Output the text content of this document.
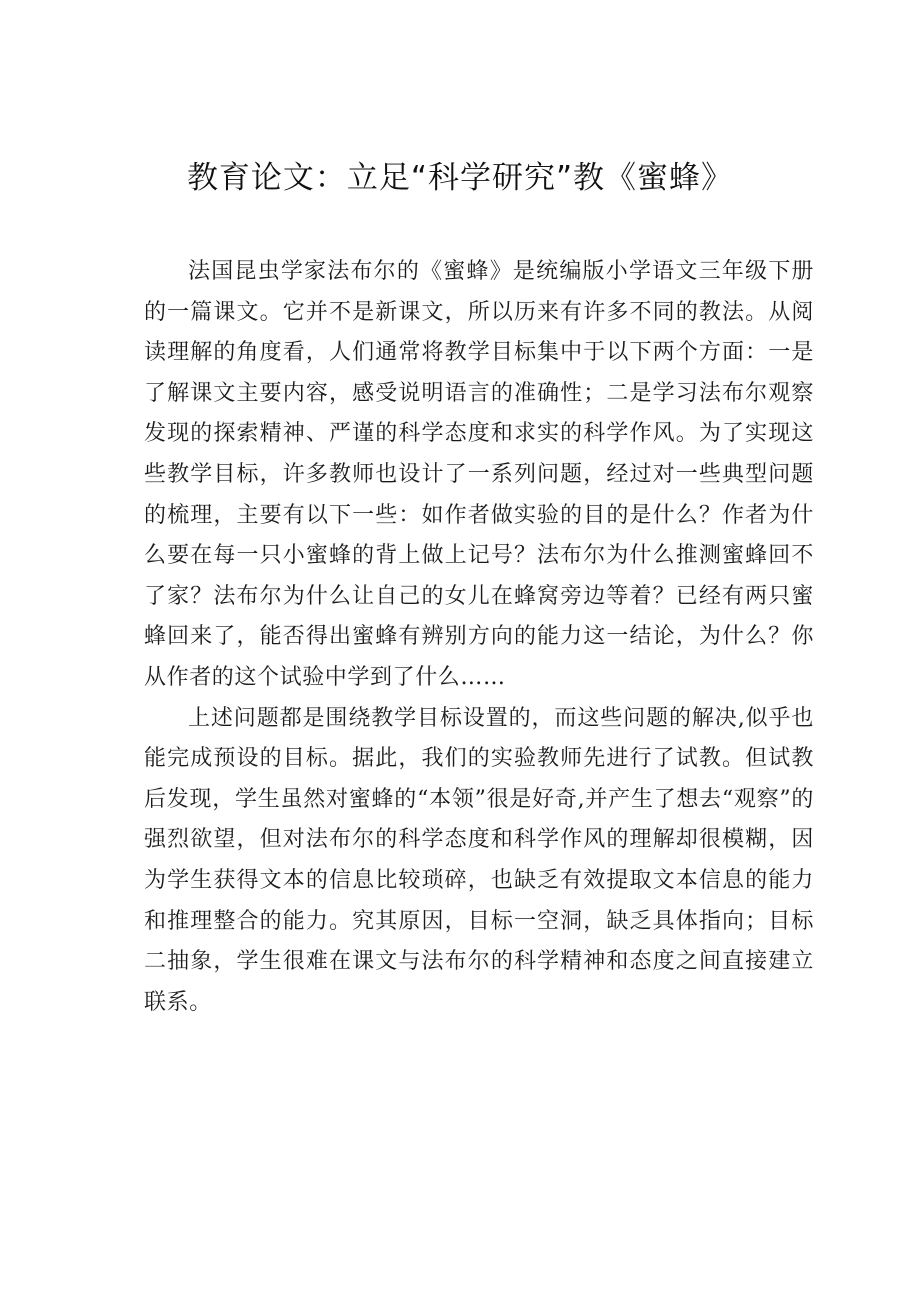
教育论文：立足“科学研究”教《蜜蜂》

法国昆虫学家法布尔的《蜜蜂》是统编版小学语文三年级下册的一篇课文。它并不是新课文，所以历来有许多不同的教法。从阅读理解的角度看，人们通常将教学目标集中于以下两个方面：一是了解课文主要内容，感受说明语言的准确性；二是学习法布尔观察发现的探索精神、严谨的科学态度和求实的科学作风。为了实现这些教学目标，许多教师也设计了一系列问题，经过对一些典型问题的梳理，主要有以下一些：如作者做实验的目的是什么？作者为什么要在每一只小蜜蜂的背上做上记号？法布尔为什么推测蜜蜂回不了家？法布尔为什么让自己的女儿在蜂窝旁边等着？已经有两只蜜蜂回来了，能否得出蜜蜂有辨别方向的能力这一结论，为什么？你从作者的这个试验中学到了什么……

上述问题都是围绕教学目标设置的，而这些问题的解决,似乎也能完成预设的目标。据此，我们的实验教师先进行了试教。但试教后发现，学生虽然对蜜蜂的“本领”很是好奇,并产生了想去“观察”的强烈欲望，但对法布尔的科学态度和科学作风的理解却很模糊，因为学生获得文本的信息比较琐碎，也缺乏有效提取文本信息的能力和推理整合的能力。究其原因，目标一空洞，缺乏具体指向；目标二抽象，学生很难在课文与法布尔的科学精神和态度之间直接建立联系。
